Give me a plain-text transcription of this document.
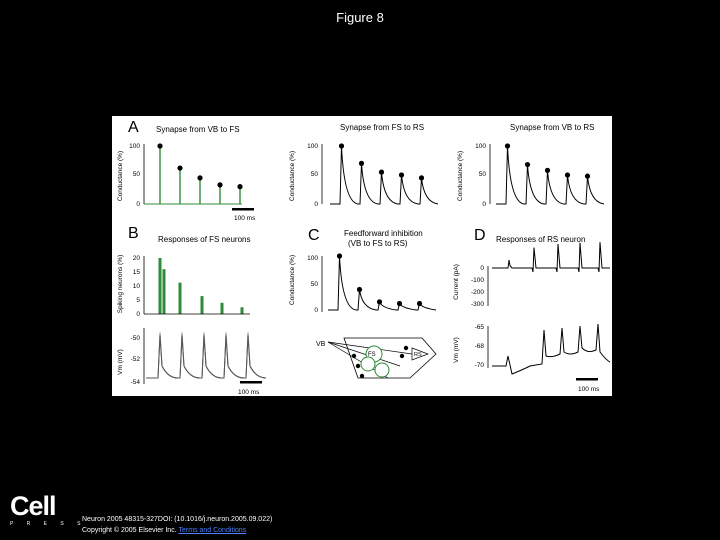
Figure 8
A
B	C	D
Synapse from VB to FS	Synapse from FS to RS	Synapse from VB to RS
Responses of FS neurons
Feedforward inhibition
(VB to FS to RS)	Responses of RS neuron
Conductance (%)	Conductance (%)	Conductance (%)
Spiking neurons (%)
Vm (mV)
Conductance (%)	Current (pA)
Vm (mV)
100
50
0
100
50
0
100
50
0
20
15
10
5
0
-50
-52
-54
100
50
0
0
-100
-200
-300
-65
-68
-70
100 ms
100 ms
VB
FS	RS
100 ms
Cell
P R E S S
Neuron 2005 48315-327DOI: (10.1016/j.neuron.2005.09.022)
Copyright © 2005 Elsevier Inc. Terms and Conditions
